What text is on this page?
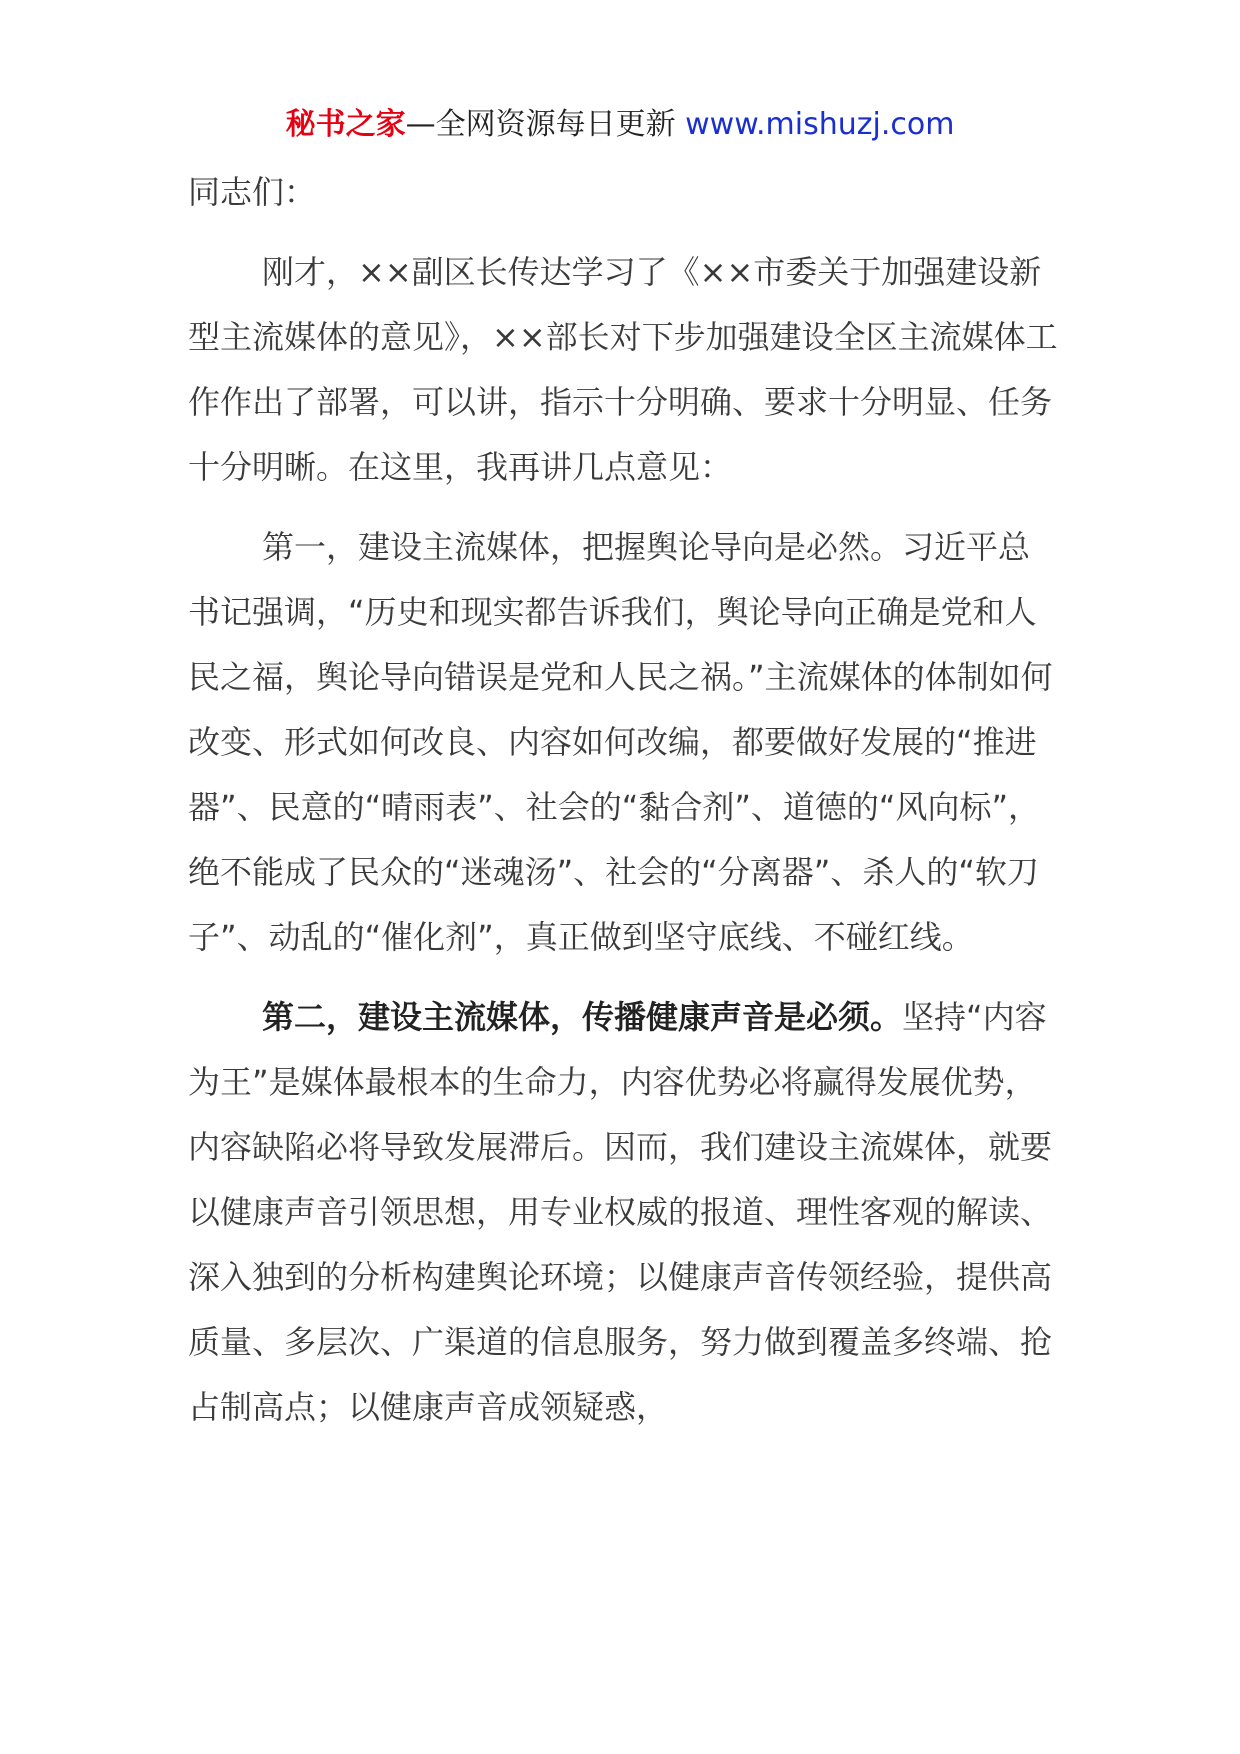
秘书之家—全网资源每日更新 www.mishuzj.com

同志们：

刚才，××副区长传达学习了《××市委关于加强建设新型主流媒体的意见》，××部长对下步加强建设全区主流媒体工作作出了部署，可以讲，指示十分明确、要求十分明显、任务十分明晰。在这里，我再讲几点意见：

第一，建设主流媒体，把握舆论导向是必然。习近平总书记强调，“历史和现实都告诉我们，舆论导向正确是党和人民之福，舆论导向错误是党和人民之祸。”主流媒体的体制如何改变、形式如何改良、内容如何改编，都要做好发展的“推进器”、民意的“晴雨表”、社会的“黏合剂”、道德的“风向标”，绝不能成了民众的“迷魂汤”、社会的“分离器”、杀人的“软刀子”、动乱的“催化剂”，真正做到坚守底线、不碰红线。

第二，建设主流媒体，传播健康声音是必须。坚持“内容为王”是媒体最根本的生命力，内容优势必将赢得发展优势，内容缺陷必将导致发展滞后。因而，我们建设主流媒体，就要以健康声音引领思想，用专业权威的报道、理性客观的解读、深入独到的分析构建舆论环境；以健康声音传领经验，提供高质量、多层次、广渠道的信息服务，努力做到覆盖多终端、抢占制高点；以健康声音成领疑惑，
